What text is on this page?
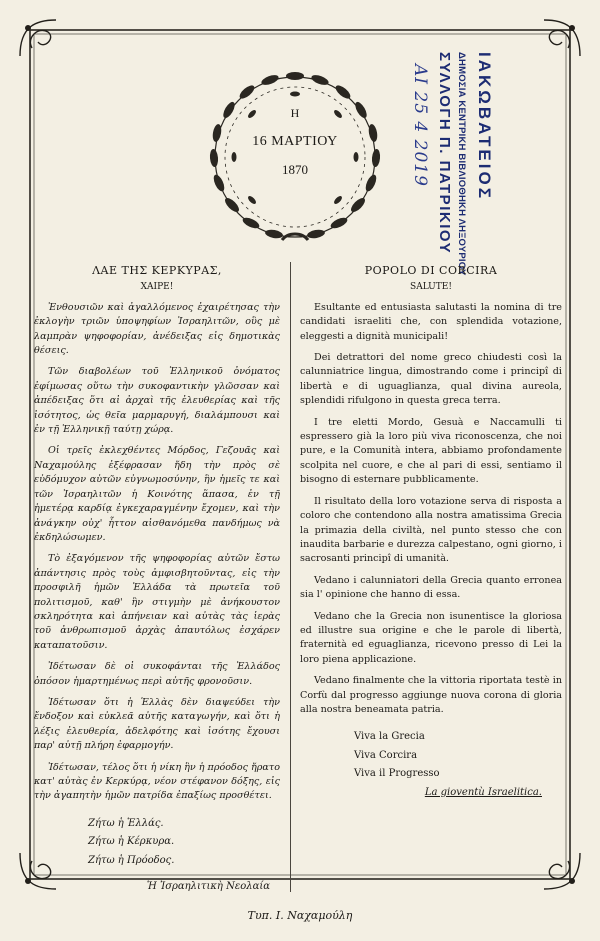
Η
16 ΜΑΡΤΙΟΥ
1870	ΙΑΚΩΒΑΤΕΙΟΣ
ΔΗΜΟΣΙΑ ΚΕΝΤΡΙΚΗ ΒΙΒΛΙΟΘΗΚΗ ΛΗΞΟΥΡΙΟΥ
ΣΥΛΛΟΓΗ Π. ΠΑΤΡΙΚΙΟΥ
ΑΙ 25 4 2019
ΛΑΕ ΤΗΣ ΚΕΡΚΥΡΑΣ,
ΧΑΙΡΕ!

Ἐνθουσιῶν καὶ ἀγαλλόμενος ἐχαιρέτησας τὴν ἐκλογὴν τριῶν ὑποψηφίων Ἰσραηλιτῶν, οὓς μὲ λαμπρὰν ψηφοφορίαν, ἀνέδειξας εἰς δημοτικὰς θέσεις.

Τῶν διαβολέων τοῦ Ἑλληνικοῦ ὀνόματος ἐφίμωσας οὕτω τὴν συκοφαντικὴν γλῶσσαν καὶ ἀπέδειξας ὅτι αἱ ἀρχαὶ τῆς ἐλευθερίας καὶ τῆς ἰσότητος, ὡς θεῖα μαρμαρυγή, διαλάμπουσι καὶ ἐν τῇ Ἑλληνικῇ ταύτῃ χώρᾳ.

Οἱ τρεῖς ἐκλεχθέντες Μόρδος, Γεζουᾶς καὶ Ναχαμούλης ἐξέφρασαν ἤδη τὴν πρὸς σὲ εὐδόμυχον αὐτῶν εὐγνωμοσύνην, ἣν ἡμεῖς τε καὶ τῶν Ἰσραηλιτῶν ἡ Κοινότης ἅπασα, ἐν τῇ ἡμετέρᾳ καρδίᾳ ἐγκεχαραγμένην ἔχομεν, καὶ τὴν ἀνάγκην οὐχ' ἧττον αἰσθανόμεθα πανδήμως νὰ ἐκδηλώσωμεν.

Τὸ ἐξαγόμενον τῆς ψηφοφορίας αὐτῶν ἔστω ἀπάντησις πρὸς τοὺς ἀμφισβητοῦντας, εἰς τὴν προσφιλῆ ἡμῶν Ἑλλάδα τὰ πρωτεῖα τοῦ πολιτισμοῦ, καθ' ἣν στιγμὴν μὲ ἀνήκουστον σκληρότητα καὶ ἀπήνειαν καὶ αὐτὰς τὰς ἱερὰς τοῦ ἀνθρωπισμοῦ ἀρχὰς ἀπαυτόλως ἐσχάρεν καταπατοῦσιν.

Ἰδέτωσαν δὲ οἱ συκοφάνται τῆς Ἑλλάδος ὁπόσον ἡμαρτημένως περὶ αὐτῆς φρονοῦσιν.

Ἰδέτωσαν ὅτι ἡ Ἑλλὰς δὲν διαψεύδει τὴν ἔνδοξον καὶ εὐκλεᾶ αὐτῆς καταγωγήν, καὶ ὅτι ἡ λέξις ἐλευθερία, ἀδελφότης καὶ ἰσότης ἔχουσι παρ' αὐτῇ πλήρη ἐφαρμογήν.

Ἰδέτωσαν, τέλος ὅτι ἡ νίκη ἣν ἡ πρόοδος ἤρατο κατ' αὐτὰς ἐν Κερκύρᾳ, νέον στέφανον δόξης, εἰς τὴν ἀγαπητὴν ἡμῶν πατρίδα ἐπαξίως προσθέτει.

Ζήτω ἡ Ἑλλάς.
Ζήτω ἡ Κέρκυρα.
Ζήτω ἡ Πρόοδος.
Ἡ Ἰσραηλιτικὴ Νεολαία
POPOLO DI CORCIRA
SALUTE!

Esultante ed entusiasta salutasti la nomina di tre candidati israeliti che, con splendida votazione, eleggesti a dignità municipali!

Dei detrattori del nome greco chiudesti così la calunniatrice lingua, dimostrando come i principî di libertà e di uguaglianza, qual divina aureola, splendidi rifulgono in questa greca terra.

I tre eletti Mordo, Gesuà e Naccamulli ti espressero già la loro più viva riconoscenza, che noi pure, e la Comunità intera, abbiamo profondamente scolpita nel cuore, e che al pari di essi, sentiamo il bisogno di esternare pubblicamente.

Il risultato della loro votazione serva di risposta a coloro che contendono alla nostra amatissima Grecia la primazia della civiltà, nel punto stesso che con inaudita barbarie e durezza calpestano, ogni giorno, i sacrosanti principî di umanità.

Vedano i calunniatori della Grecia quanto erronea sia l' opinione che hanno di essa.

Vedano che la Grecia non isunentisce la gloriosa ed illustre sua origine e che le parole di libertà, fraternità ed eguaglianza, ricevono presso di Lei la loro piena applicazione.

Vedano finalmente che la vittoria riportata testè in Corfù dal progresso aggiunge nuova corona di gloria alla nostra beneamata patria.

Viva la Grecia
Viva Corcira
Viva il Progresso
La gioventù Israelitica.
Τυπ. Ι. Ναχαμούλη
